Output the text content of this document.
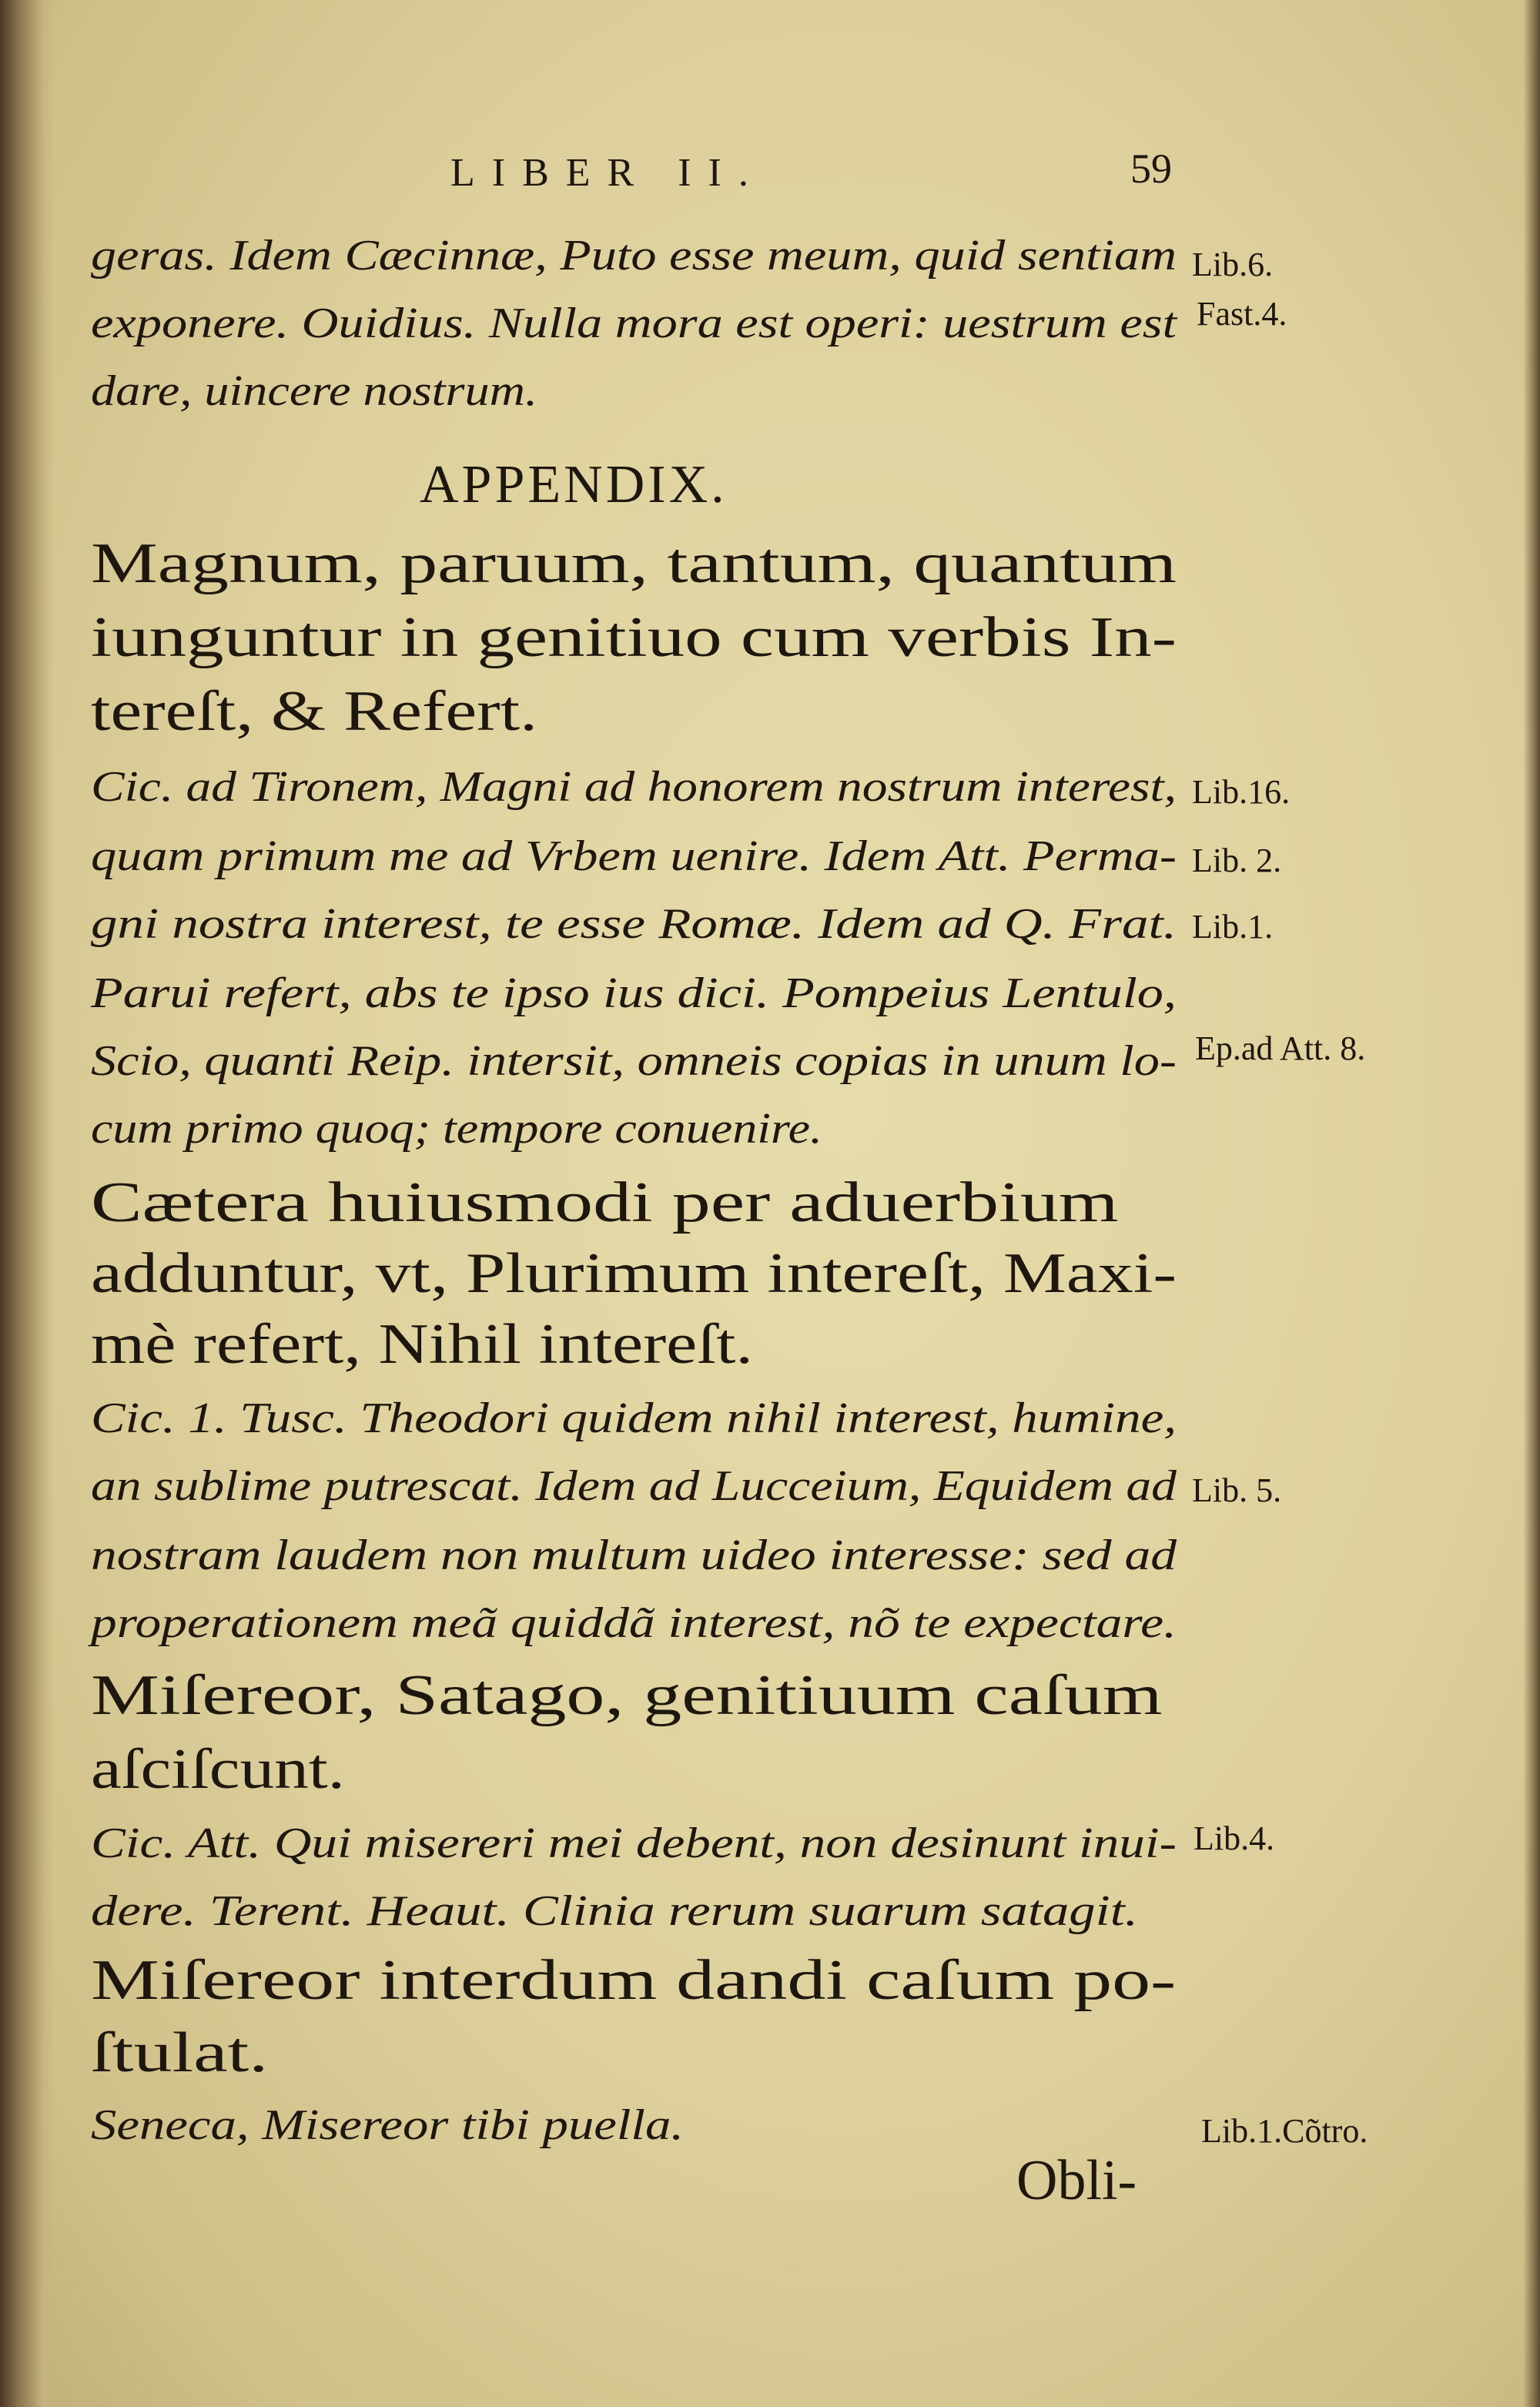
LIBER II.	59
APPENDIX.
geras. Idem Cæcinnæ, Puto esse meum, quid sentiam
exponere. Ouidius. Nulla mora est operi: uestrum est
dare, uincere nostrum.
Magnum, paruum, tantum, quantum
iunguntur in genitiuo cum verbis In-
tereſt, & Refert.
Cic. ad Tironem, Magni ad honorem nostrum interest,
quam primum me ad Vrbem uenire. Idem Att. Perma-
gni nostra interest, te esse Romæ. Idem ad Q. Frat.
Parui refert, abs te ipso ius dici. Pompeius Lentulo,
Scio, quanti Reip. intersit, omneis copias in unum lo-
cum primo quoq; tempore conuenire.
Cætera huiusmodi per aduerbium
adduntur, vt, Plurimum intereſt, Maxi-
mè refert, Nihil intereſt.
Cic. 1. Tusc. Theodori quidem nihil interest, humine,
an sublime putrescat. Idem ad Lucceium, Equidem ad
nostram laudem non multum uideo interesse: sed ad
properationem meã quiddã interest, nõ te expectare.
Miſereor, Satago, genitiuum caſum
aſciſcunt.
Cic. Att. Qui misereri mei debent, non desinunt inui-
dere. Terent. Heaut. Clinia rerum suarum satagit.
Miſereor interdum dandi caſum po-
ſtulat.
Seneca, Misereor tibi puella.
Lib.6.
Fast.4.
Lib.16.
Lib. 2.
Lib.1.
Ep.ad Att. 8.
Lib. 5.
Lib.4.
Lib.1.Cõtro.
Obli-
